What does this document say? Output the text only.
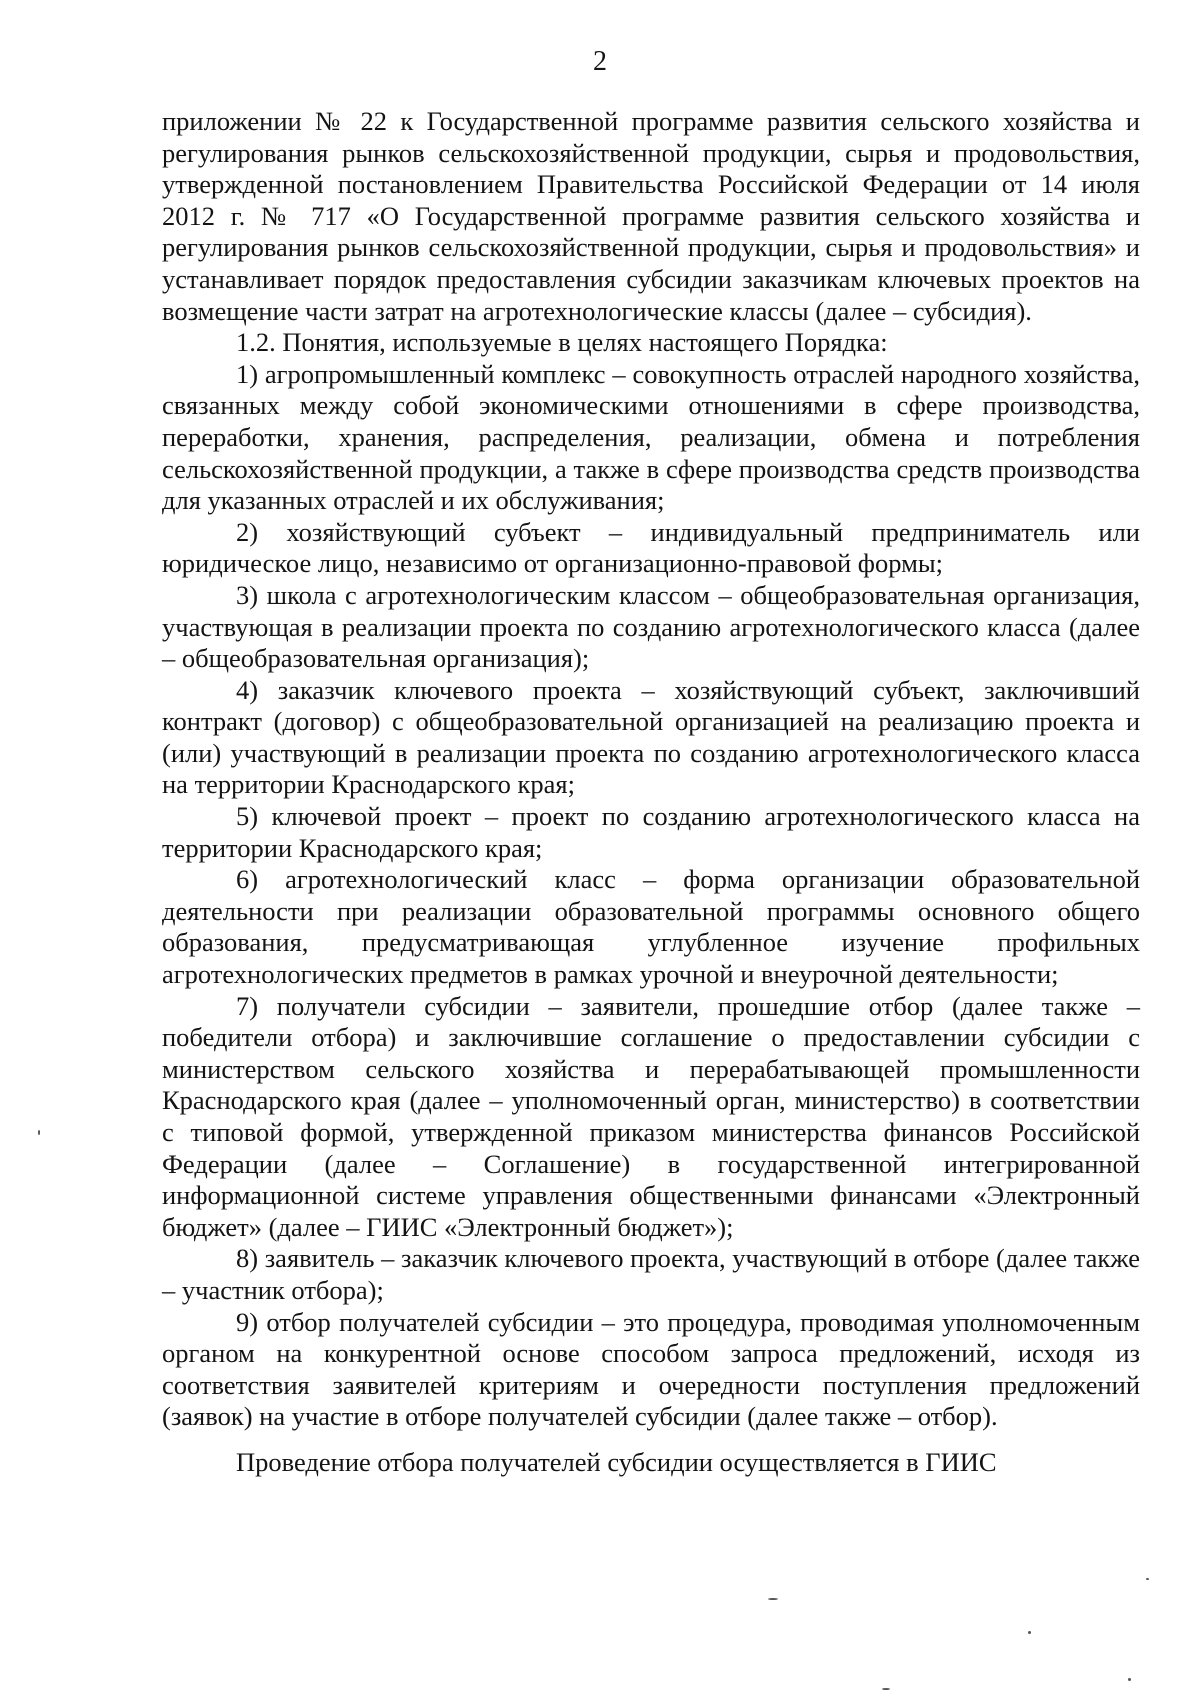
2

приложении № 22 к Государственной программе развития сельского хозяйства и регулирования рынков сельскохозяйственной продукции, сырья и продовольствия, утвержденной постановлением Правительства Российской Федерации от 14 июля 2012 г. № 717 «О Государственной программе развития сельского хозяйства и регулирования рынков сельскохозяйственной продукции, сырья и продовольствия» и устанавливает порядок предоставления субсидии заказчикам ключевых проектов на возмещение части затрат на агротехнологические классы (далее – субсидия).

1.2. Понятия, используемые в целях настоящего Порядка:

1) агропромышленный комплекс – совокупность отраслей народного хозяйства, связанных между собой экономическими отношениями в сфере производства, переработки, хранения, распределения, реализации, обмена и потребления сельскохозяйственной продукции, а также в сфере производства средств производства для указанных отраслей и их обслуживания;

2) хозяйствующий субъект – индивидуальный предприниматель или юридическое лицо, независимо от организационно-правовой формы;

3) школа с агротехнологическим классом – общеобразовательная организация, участвующая в реализации проекта по созданию агротехнологического класса (далее – общеобразовательная организация);

4) заказчик ключевого проекта – хозяйствующий субъект, заключивший контракт (договор) с общеобразовательной организацией на реализацию проекта и (или) участвующий в реализации проекта по созданию агротехнологического класса на территории Краснодарского края;

5) ключевой проект – проект по созданию агротехнологического класса на территории Краснодарского края;

6) агротехнологический класс – форма организации образовательной деятельности при реализации образовательной программы основного общего образования, предусматривающая углубленное изучение профильных агротехнологических предметов в рамках урочной и внеурочной деятельности;

7) получатели субсидии – заявители, прошедшие отбор (далее также – победители отбора) и заключившие соглашение о предоставлении субсидии с министерством сельского хозяйства и перерабатывающей промышленности Краснодарского края (далее – уполномоченный орган, министерство) в соответствии с типовой формой, утвержденной приказом министерства финансов Российской Федерации (далее – Соглашение) в государственной интегрированной информационной системе управления общественными финансами «Электронный бюджет» (далее – ГИИС «Электронный бюджет»);

8) заявитель – заказчик ключевого проекта, участвующий в отборе (далее также – участник отбора);

9) отбор получателей субсидии – это процедура, проводимая уполномоченным органом на конкурентной основе способом запроса предложений, исходя из соответствия заявителей критериям и очередности поступления предложений (заявок) на участие в отборе получателей субсидии (далее также – отбор).

Проведение отбора получателей субсидии осуществляется в ГИИС
